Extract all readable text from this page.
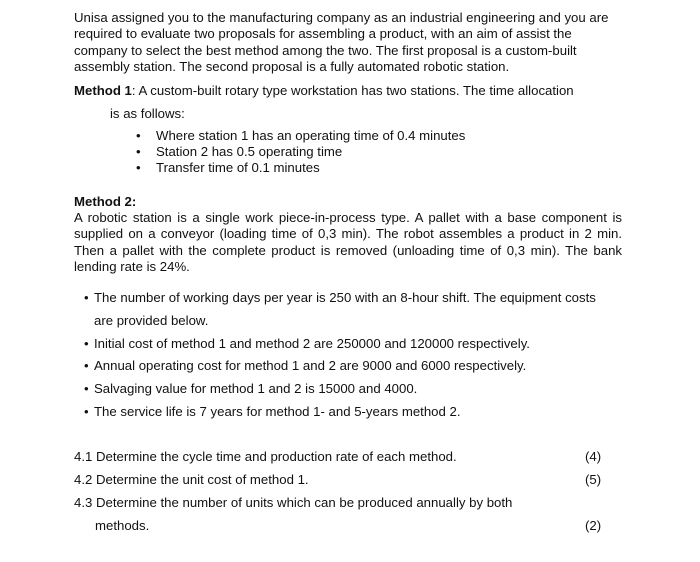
Unisa assigned you to the manufacturing company as an industrial engineering and you are required to evaluate two proposals for assembling a product, with an aim of assist the company to select the best method among the two. The first proposal is a custom-built assembly station. The second proposal is a fully automated robotic station.

Method 1: A custom-built rotary type workstation has two stations. The time allocation

is as follows:

• Where station 1 has an operating time of 0.4 minutes
• Station 2 has 0.5 operating time
• Transfer time of 0.1 minutes

Method 2:

A robotic station is a single work piece-in-process type. A pallet with a base component is supplied on a conveyor (loading time of 0,3 min). The robot assembles a product in 2 min. Then a pallet with the complete product is removed (unloading time of 0,3 min). The bank lending rate is 24%.

• The number of working days per year is 250 with an 8-hour shift. The equipment costs are provided below.
• Initial cost of method 1 and method 2 are 250000 and 120000 respectively.
• Annual operating cost for method 1 and 2 are 9000 and 6000 respectively.
• Salvaging value for method 1 and 2 is 15000 and 4000.
• The service life is 7 years for method 1- and 5-years method 2.

4.1 Determine the cycle time and production rate of each method.	(4)

4.2 Determine the unit cost of method 1.	(5)

4.3 Determine the number of units which can be produced annually by both

methods.	(2)
